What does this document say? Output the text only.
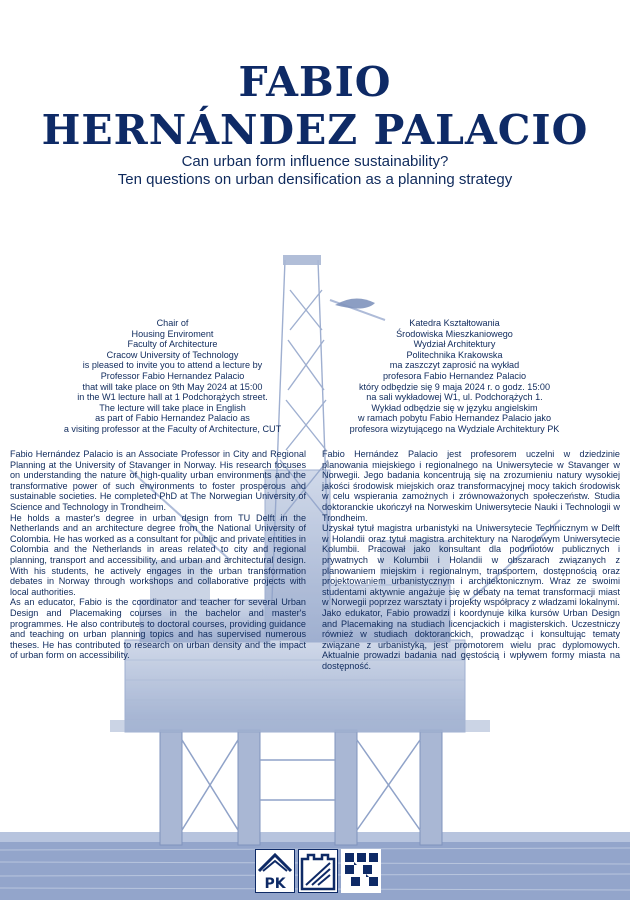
FABIO
HERNÁNDEZ PALACIO
Can urban form influence sustainability?
Ten questions on urban densification as a planning strategy
Chair of
Housing Enviroment
Faculty of Architecture
Cracow University of Technology
is pleased to invite you to attend a lecture by
Professor Fabio Hernandez Palacio
that will take place on 9th May 2024 at 15:00
in the W1 lecture hall at 1 Podchorążych street.
The lecture will take place in English
as part of Fabio Hernandez Palacio as
a visiting professor at the Faculty of Architecture, CUT
Katedra Kształtowania
Środowiska Mieszkaniowego
Wydział Architektury
Politechnika Krakowska
ma zaszczyt zaprosić na wykład
profesora Fabio Hernandez Palacio
który odbędzie się 9 maja 2024 r. o godz. 15:00
na sali wykładowej W1, ul. Podchorążych 1.
Wykład odbędzie się w języku angielskim
w ramach pobytu Fabio Hernandez Palacio jako
profesora wizytującego na Wydziale Architektury PK

Fabio Hernández Palacio is an Associate Professor in City and Regional Planning at the University of Stavanger in Norway. His research focuses on understanding the nature of high-quality urban environments and the transformative power of such environments to foster prosperous and sustainable societies. He completed PhD at The Norwegian University of Science and Technology in Trondheim.

He holds a master's degree in urban design from TU Delft in the Netherlands and an architecture degree from the National University of Colombia. He has worked as a consultant for public and private entities in Colombia and the Netherlands in areas related to city and regional planning, transport and accessibility, and urban and architectural design. With his students, he actively engages in the urban transformation debates in Norway through workshops and collaborative projects with local authorities.

As an educator, Fabio is the coordinator and teacher for several Urban Design and Placemaking courses in the bachelor and master's programmes. He also contributes to doctoral courses, providing guidance and teaching on urban planning topics and has supervised numerous theses. He has contributed to research on urban density and the impact of urban form on accessibility.

Fabio Hernández Palacio jest profesorem uczelni w dziedzinie planowania miejskiego i regionalnego na Uniwersytecie w Stavanger w Norwegii. Jego badania koncentrują się na zrozumieniu natury wysokiej jakości środowisk miejskich oraz transformacyjnej mocy takich środowisk w celu wspierania zamożnych i zrównoważonych społeczeństw. Studia doktoranckie ukończył na Norweskim Uniwersytecie Nauki i Technologii w Trondheim.

Uzyskał tytuł magistra urbanistyki na Uniwersytecie Technicznym w Delft w Holandii oraz tytuł magistra architektury na Narodowym Uniwersytecie Kolumbii. Pracował jako konsultant dla podmiotów publicznych i prywatnych w Kolumbii i Holandii w obszarach związanych z planowaniem miejskim i regionalnym, transportem, dostępnością oraz projektowaniem urbanistycznym i architektonicznym. Wraz ze swoimi studentami aktywnie angażuje się w debaty na temat transformacji miast w Norwegii poprzez warsztaty i projekty współpracy z władzami lokalnymi.

Jako edukator, Fabio prowadzi i koordynuje kilka kursów Urban Design and Placemaking na studiach licencjackich i magisterskich. Uczestniczy również w studiach doktoranckich, prowadząc i konsultując tematy związane z urbanistyką, jest promotorem wielu prac dyplomowych. Aktualnie prowadzi badania nad gęstością i wpływem formy miasta na dostępność.

PK
